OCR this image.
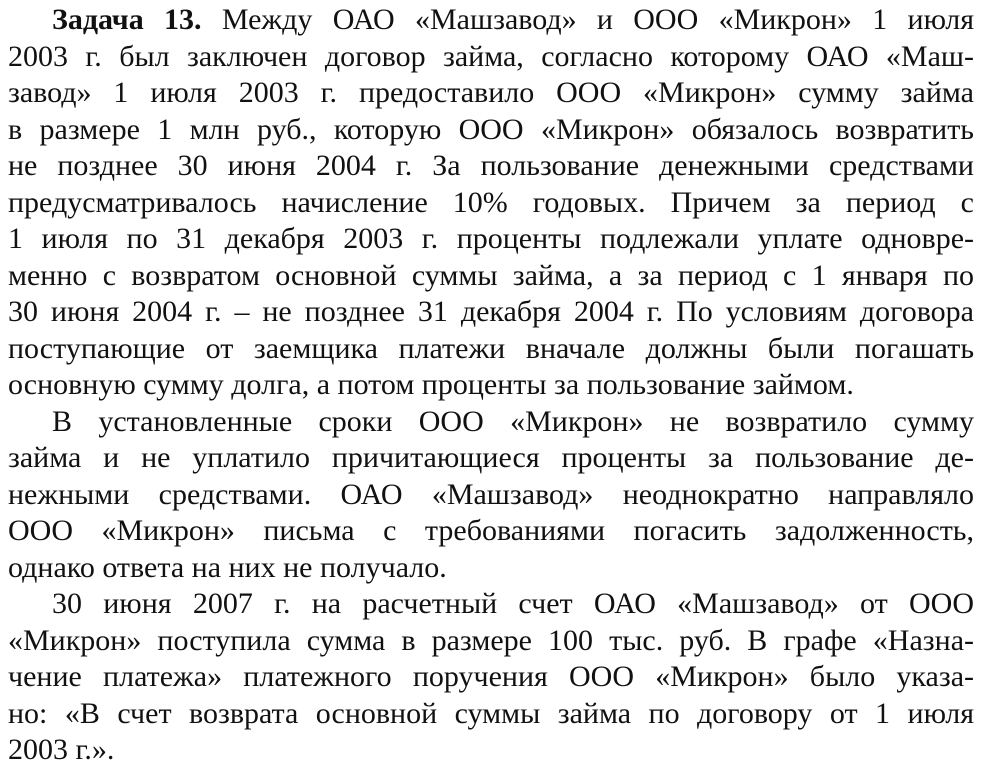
Задача 13. Между ОАО «Машзавод» и ООО «Микрон» 1 июля
2003 г. был заключен договор займа, согласно которому ОАО «Маш-
завод» 1 июля 2003 г. предоставило ООО «Микрон» сумму займа
в размере 1 млн руб., которую ООО «Микрон» обязалось возвратить
не позднее 30 июня 2004 г. За пользование денежными средствами
предусматривалось начисление 10% годовых. Причем за период с
1 июля по 31 декабря 2003 г. проценты подлежали уплате одновре-
менно с возвратом основной суммы займа, а за период с 1 января по
30 июня 2004 г. – не позднее 31 декабря 2004 г. По условиям договора
поступающие от заемщика платежи вначале должны были погашать
основную сумму долга, а потом проценты за пользование займом.
В установленные сроки ООО «Микрон» не возвратило сумму
займа и не уплатило причитающиеся проценты за пользование де-
нежными средствами. ОАО «Машзавод» неоднократно направляло
ООО «Микрон» письма с требованиями погасить задолженность,
однако ответа на них не получало.
30 июня 2007 г. на расчетный счет ОАО «Машзавод» от ООО
«Микрон» поступила сумма в размере 100 тыс. руб. В графе «Назна-
чение платежа» платежного поручения ООО «Микрон» было указа-
но: «В счет возврата основной суммы займа по договору от 1 июля
2003 г.».
